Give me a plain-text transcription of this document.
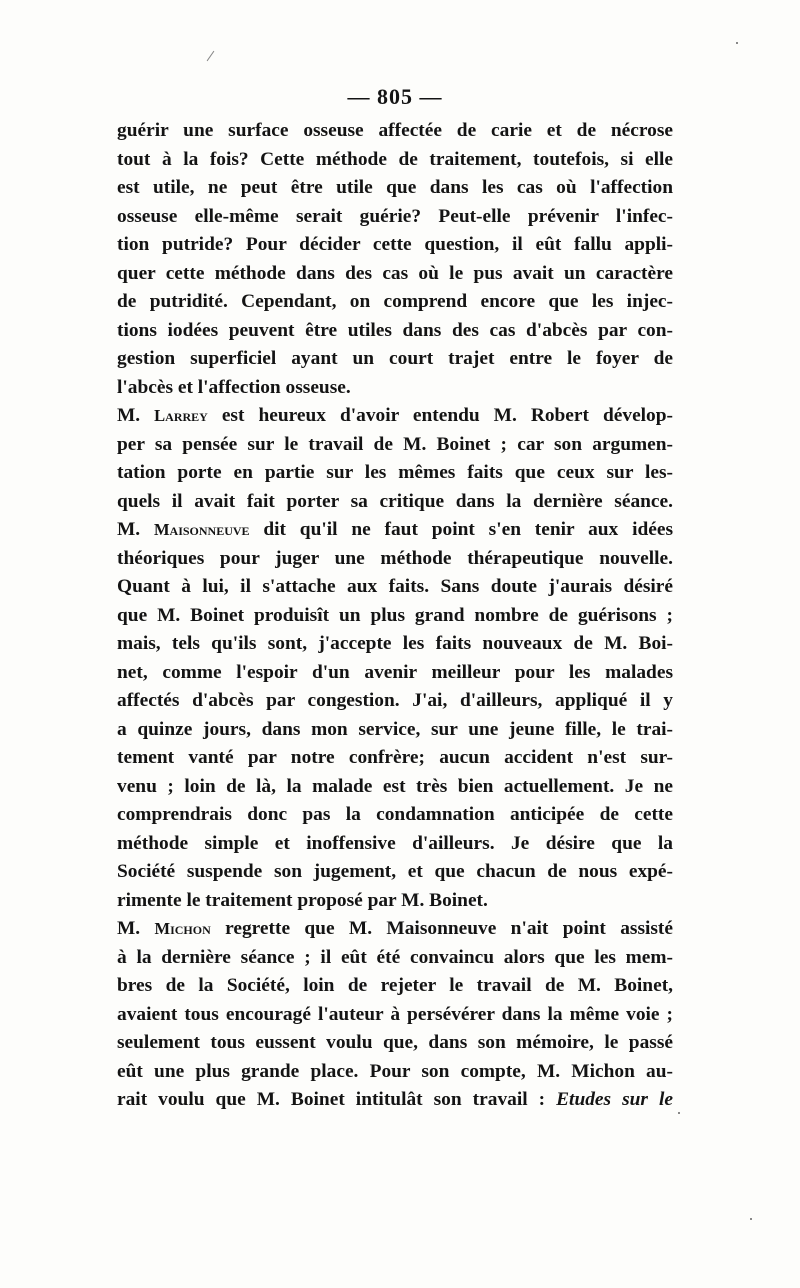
— 805 —
guérir une surface osseuse affectée de carie et de nécrose
tout à la fois? Cette méthode de traitement, toutefois, si elle
est utile, ne peut être utile que dans les cas où l'affection
osseuse elle-même serait guérie? Peut-elle prévenir l'infec-
tion putride? Pour décider cette question, il eût fallu appli-
quer cette méthode dans des cas où le pus avait un caractère
de putridité. Cependant, on comprend encore que les injec-
tions iodées peuvent être utiles dans des cas d'abcès par con-
gestion superficiel ayant un court trajet entre le foyer de
l'abcès et l'affection osseuse.
M. Larrey est heureux d'avoir entendu M. Robert dévelop-
per sa pensée sur le travail de M. Boinet ; car son argumen-
tation porte en partie sur les mêmes faits que ceux sur les-
quels il avait fait porter sa critique dans la dernière séance.
M. Maisonneuve dit qu'il ne faut point s'en tenir aux idées
théoriques pour juger une méthode thérapeutique nouvelle.
Quant à lui, il s'attache aux faits. Sans doute j'aurais désiré
que M. Boinet produisît un plus grand nombre de guérisons ;
mais, tels qu'ils sont, j'accepte les faits nouveaux de M. Boi-
net, comme l'espoir d'un avenir meilleur pour les malades
affectés d'abcès par congestion. J'ai, d'ailleurs, appliqué il y
a quinze jours, dans mon service, sur une jeune fille, le trai-
tement vanté par notre confrère; aucun accident n'est sur-
venu ; loin de là, la malade est très bien actuellement. Je ne
comprendrais donc pas la condamnation anticipée de cette
méthode simple et inoffensive d'ailleurs. Je désire que la
Société suspende son jugement, et que chacun de nous expé-
rimente le traitement proposé par M. Boinet.
M. Michon regrette que M. Maisonneuve n'ait point assisté
à la dernière séance ; il eût été convaincu alors que les mem-
bres de la Société, loin de rejeter le travail de M. Boinet,
avaient tous encouragé l'auteur à persévérer dans la même voie ;
seulement tous eussent voulu que, dans son mémoire, le passé
eût une plus grande place. Pour son compte, M. Michon au-
rait voulu que M. Boinet intitulât son travail : Etudes sur le
